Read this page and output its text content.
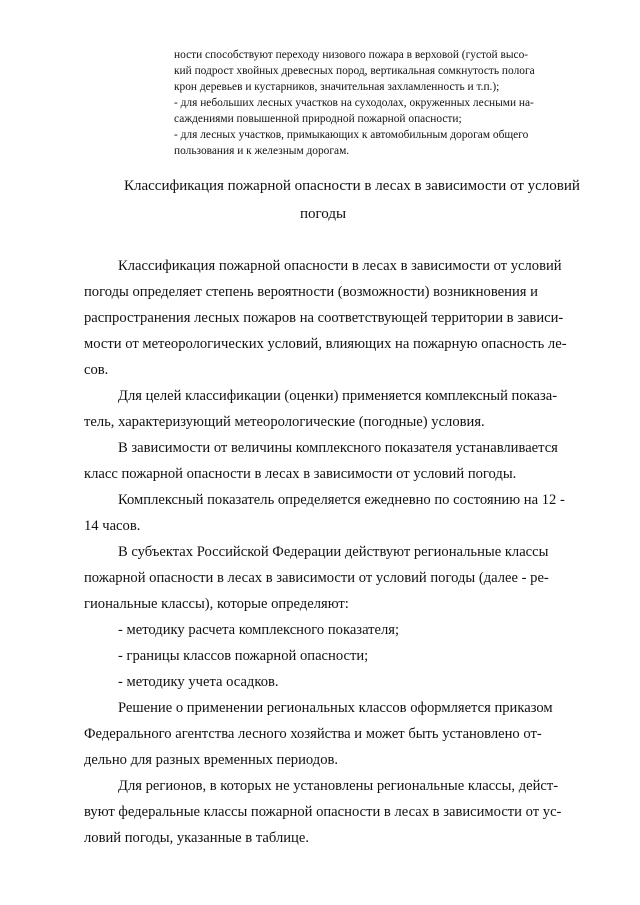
ности способствуют переходу низового пожара в верховой (густой высо-
кий подрост хвойных древесных пород, вертикальная сомкнутость полога
крон деревьев и кустарников, значительная захламленность и т.п.);
- для небольших лесных участков на суходолах, окруженных лесными на-
саждениями повышенной природной пожарной опасности;
- для лесных участков, примыкающих к автомобильным дорогам общего
пользования и к железным дорогам.
Классификация пожарной опасности в лесах в зависимости от условий
погоды
Классификация пожарной опасности в лесах в зависимости от условий
погоды определяет степень вероятности (возможности) возникновения и
распространения лесных пожаров на соответствующей территории в зависи-
мости от метеорологических условий, влияющих на пожарную опасность ле-
сов.
Для целей классификации (оценки) применяется комплексный показа-
тель, характеризующий метеорологические (погодные) условия.
В зависимости от величины комплексного показателя устанавливается
класс пожарной опасности в лесах в зависимости от условий погоды.
Комплексный показатель определяется ежедневно по состоянию на 12 -
14 часов.
В субъектах Российской Федерации действуют региональные классы
пожарной опасности в лесах в зависимости от условий погоды (далее - ре-
гиональные классы), которые определяют:
- методику расчета комплексного показателя;
- границы классов пожарной опасности;
- методику учета осадков.
Решение о применении региональных классов оформляется приказом
Федерального агентства лесного хозяйства и может быть установлено от-
дельно для разных временных периодов.
Для регионов, в которых не установлены региональные классы, дейст-
вуют федеральные классы пожарной опасности в лесах в зависимости от ус-
ловий погоды, указанные в таблице.
